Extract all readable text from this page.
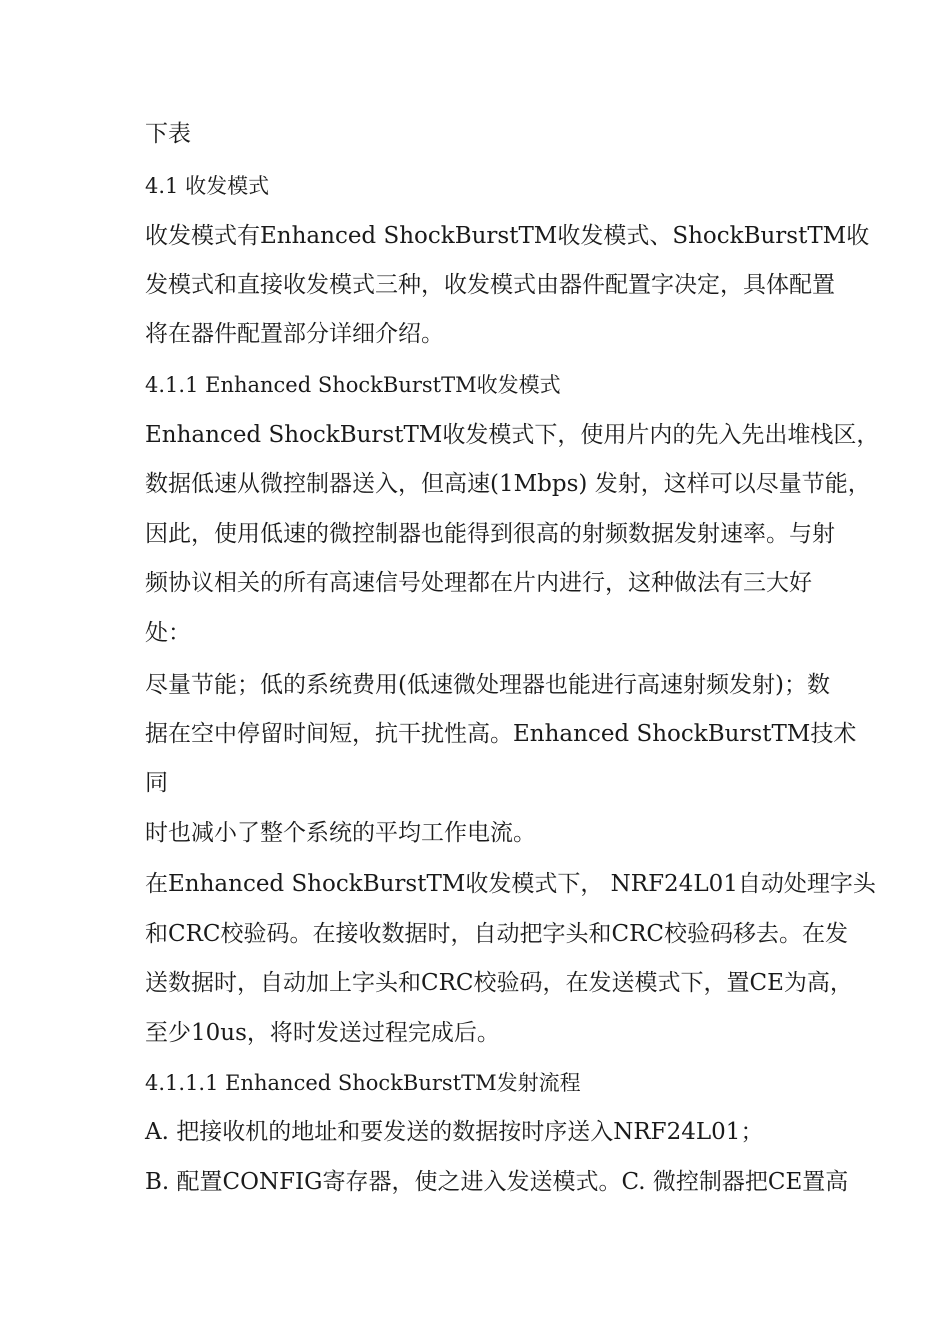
下表
4.1 收发模式
收发模式有Enhanced ShockBurstTM收发模式、ShockBurstTM收
发模式和直接收发模式三种，收发模式由器件配置字决定，具体配置
将在器件配置部分详细介绍。
4.1.1 Enhanced ShockBurstTM收发模式
Enhanced ShockBurstTM收发模式下，使用片内的先入先出堆栈区，
数据低速从微控制器送入，但高速(1Mbps) 发射，这样可以尽量节能，
因此，使用低速的微控制器也能得到很高的射频数据发射速率。与射
频协议相关的所有高速信号处理都在片内进行，这种做法有三大好
处：
尽量节能；低的系统费用(低速微处理器也能进行高速射频发射)；数
据在空中停留时间短，抗干扰性高。Enhanced ShockBurstTM技术
同
时也减小了整个系统的平均工作电流。
在Enhanced ShockBurstTM收发模式下， NRF24L01自动处理字头
和CRC校验码。在接收数据时，自动把字头和CRC校验码移去。在发
送数据时，自动加上字头和CRC校验码，在发送模式下，置CE为高，
至少10us，将时发送过程完成后。
4.1.1.1 Enhanced ShockBurstTM发射流程
A. 把接收机的地址和要发送的数据按时序送入NRF24L01；
B. 配置CONFIG寄存器，使之进入发送模式。C. 微控制器把CE置高
